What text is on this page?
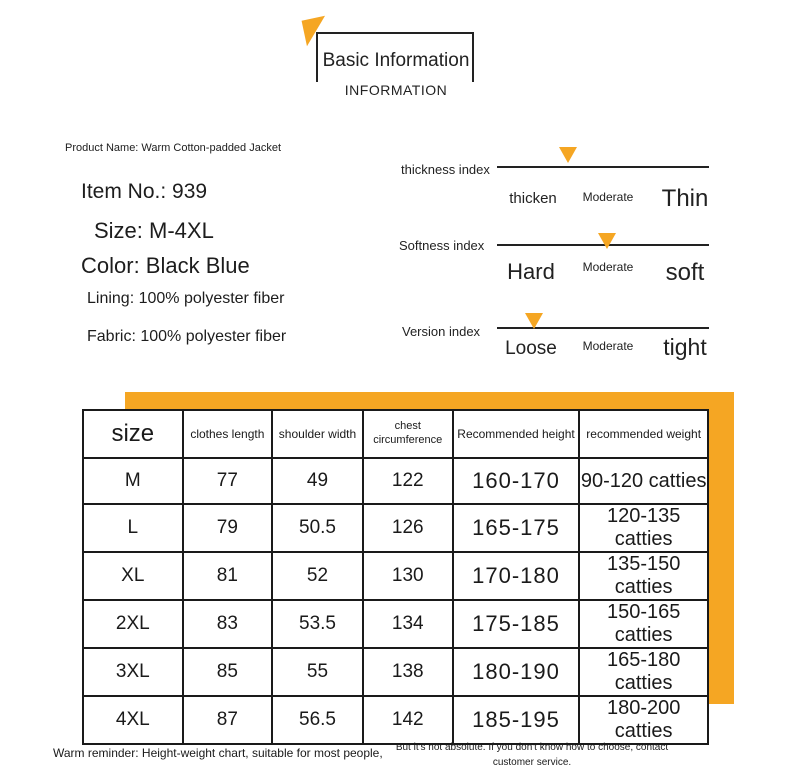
Basic Information
INFORMATION
Product Name: Warm Cotton-padded Jacket
Item No.: 939
Size: M-4XL
Color: Black Blue
Lining: 100% polyester fiber
Fabric: 100% polyester fiber
thickness index
thicken	Moderate Thin
Softness index
Hard	Moderate	soft
Version index
Loose	Moderate	tight
size	clothes length	shoulder width	chest circumference	Recommended height	recommended weight
M	77	49	122	160-170	90-120 catties
L	79	50.5	126	165-175	120-135 catties
XL	81	52	130	170-180	135-150 catties
2XL	83	53.5	134	175-185	150-165 catties
3XL	85	55	138	180-190	165-180 catties
4XL	87	56.5	142	185-195	180-200 catties
Warm reminder: Height-weight chart, suitable for most people,	But it's not absolute. If you don't know how to choose, contact customer service.
